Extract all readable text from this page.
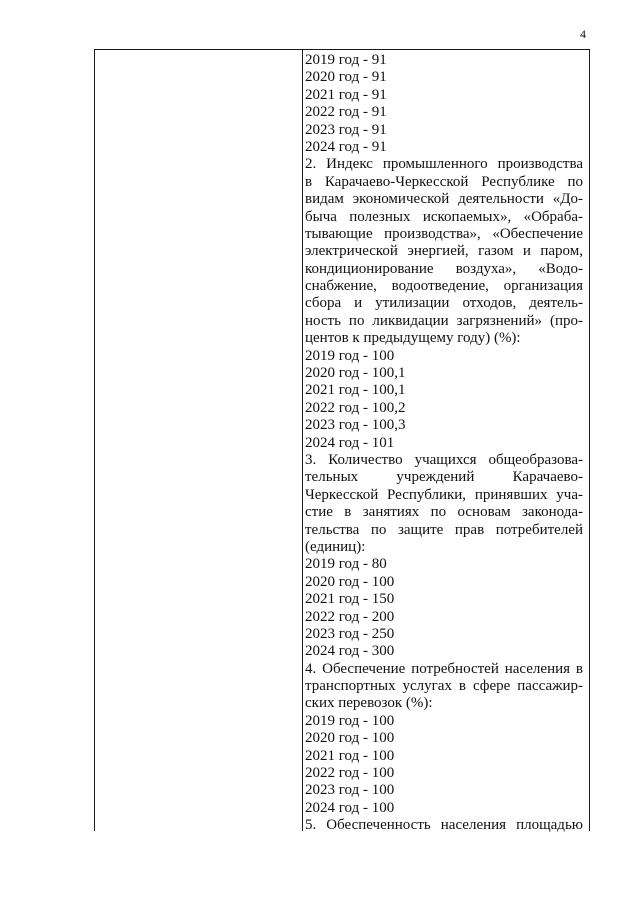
4
2019 год - 91
2020 год - 91
2021 год - 91
2022 год - 91
2023 год - 91
2024 год - 91
2. Индекс промышленного производства
в Карачаево-Черкесской Республике по
видам экономической деятельности «До-
быча полезных ископаемых», «Обраба-
тывающие производства», «Обеспечение
электрической энергией, газом и паром,
кондиционирование воздуха», «Водо-
снабжение, водоотведение, организация
сбора и утилизации отходов, деятель-
ность по ликвидации загрязнений» (про-
центов к предыдущему году) (%):
2019 год - 100
2020 год - 100,1
2021 год - 100,1
2022 год - 100,2
2023 год - 100,3
2024 год - 101
3. Количество учащихся общеобразова-
тельных учреждений Карачаево-
Черкесской Республики, принявших уча-
стие в занятиях по основам законода-
тельства по защите прав потребителей
(единиц):
2019 год - 80
2020 год - 100
2021 год - 150
2022 год - 200
2023 год - 250
2024 год - 300
4. Обеспечение потребностей населения в
транспортных услугах в сфере пассажир-
ских перевозок (%):
2019 год - 100
2020 год - 100
2021 год - 100
2022 год - 100
2023 год - 100
2024 год - 100
5. Обеспеченность населения площадью
